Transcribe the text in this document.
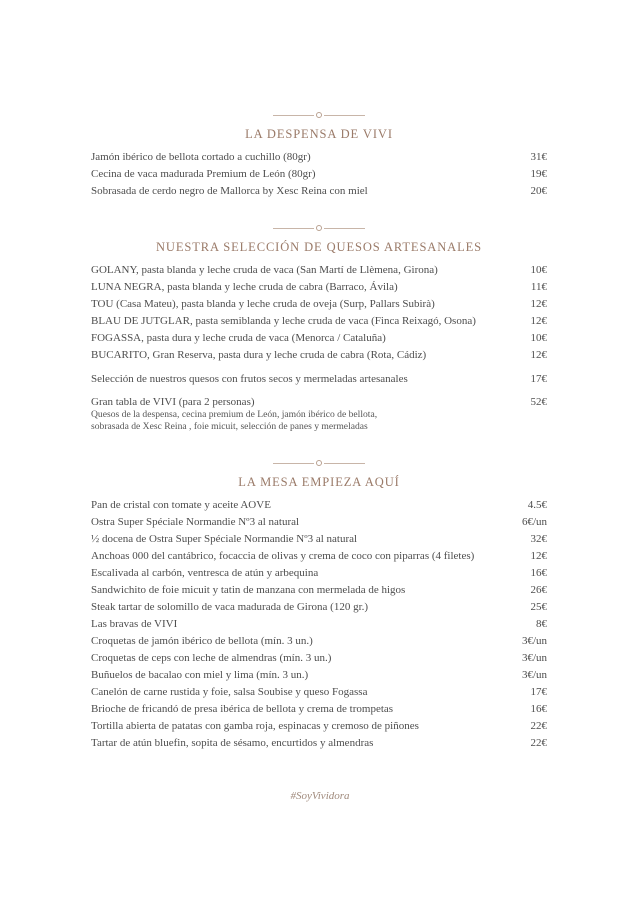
LA DESPENSA DE VIVI
Jamón ibérico de bellota cortado a cuchillo (80gr)	31€
Cecina de vaca madurada Premium de León (80gr)	19€
Sobrasada de cerdo negro de Mallorca by Xesc Reina con miel	20€
NUESTRA SELECCIÓN DE QUESOS ARTESANALES
GOLANY, pasta blanda y leche cruda de vaca (San Martí de Llèmena, Girona)	10€
LUNA NEGRA, pasta blanda y leche cruda de cabra (Barraco, Ávila)	11€
TOU (Casa Mateu), pasta blanda y leche cruda de oveja (Surp, Pallars Subirà)	12€
BLAU DE JUTGLAR, pasta semiblanda y leche cruda de vaca (Finca Reixagó, Osona)	12€
FOGASSA, pasta dura y leche cruda de vaca (Menorca / Cataluña)	10€
BUCARITO, Gran Reserva, pasta dura y leche cruda de cabra (Rota, Cádiz)	12€
Selección de nuestros quesos con frutos secos y mermeladas artesanales	17€
Gran tabla de VIVI (para 2 personas)	52€
Quesos de la despensa, cecina premium de León, jamón ibérico de bellota,
sobrasada de Xesc Reina , foie micuit, selección de panes y mermeladas
LA MESA EMPIEZA AQUÍ
Pan de cristal con tomate y aceite AOVE	4.5€
Ostra Super Spéciale Normandie Nº3 al natural	6€/un
½ docena de Ostra Super Spéciale Normandie Nº3 al natural	32€
Anchoas 000 del cantábrico, focaccia de olivas y crema de coco con piparras (4 filetes)	12€
Escalivada al carbón, ventresca de atún y arbequina	16€
Sandwichito de foie micuit y tatin de manzana con mermelada de higos	26€
Steak tartar de solomillo de vaca madurada de Girona (120 gr.)	25€
Las bravas de VIVI	8€
Croquetas de jamón ibérico de bellota (mín. 3 un.)	3€/un
Croquetas de ceps con leche de almendras (mín. 3 un.)	3€/un
Buñuelos de bacalao con miel y lima (mín. 3 un.)	3€/un
Canelón de carne rustida y foie, salsa Soubise y queso Fogassa	17€
Brioche de fricandó de presa ibérica de bellota y crema de trompetas	16€
Tortilla abierta de patatas con gamba roja, espinacas y cremoso de piñones	22€
Tartar de atún bluefin, sopita de sésamo, encurtidos y almendras	22€
#SoyVividora
